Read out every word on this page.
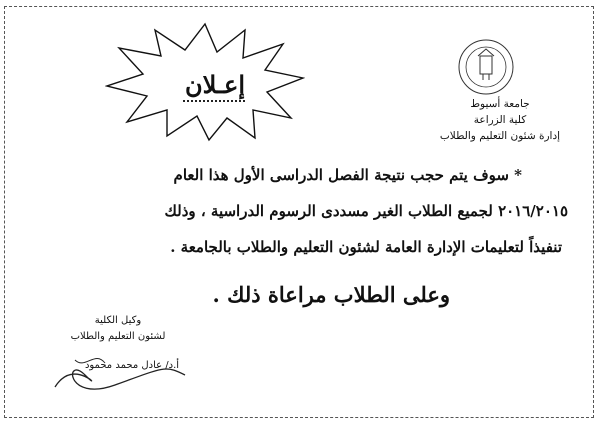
إعـلان
جامعة أسيوط
كلية الزراعة
إدارة شئون التعليم والطلاب
* سوف يتم حجب نتيجة الفصل الدراسى الأول هذا العام
٢٠١٦/٢٠١٥ لجميع الطلاب الغير مسددى الرسوم الدراسية ، وذلك
تنفيذاً لتعليمات الإدارة العامة لشئون التعليم والطلاب بالجامعة .
وعلى الطلاب مراعاة ذلك .
وكيل الكلية
لشئون التعليم والطلاب
أ.د/ عادل محمد محمود
